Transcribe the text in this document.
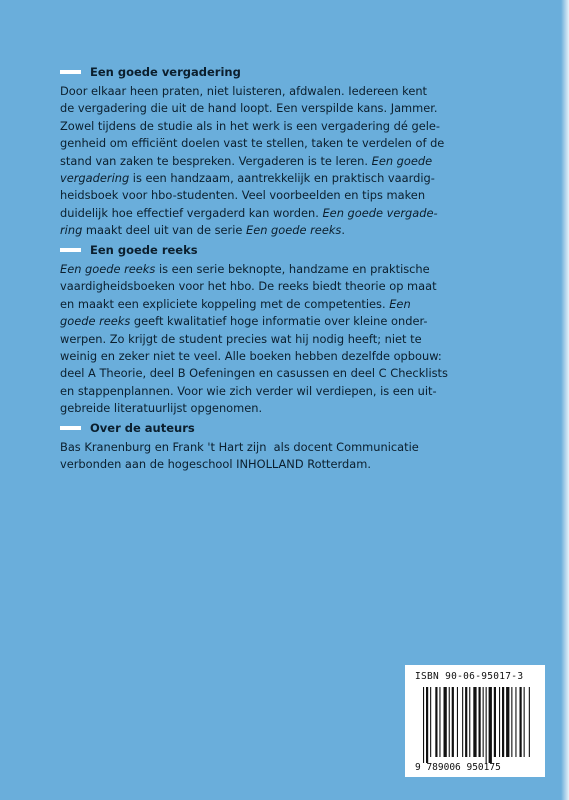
Een goede vergadering

Door elkaar heen praten, niet luisteren, afdwalen. Iedereen kent
de vergadering die uit de hand loopt. Een verspilde kans. Jammer.
Zowel tijdens de studie als in het werk is een vergadering dé gele-
genheid om efficiënt doelen vast te stellen, taken te verdelen of de
stand van zaken te bespreken. Vergaderen is te leren. Een goede
vergadering is een handzaam, aantrekkelijk en praktisch vaardig-
heidsboek voor hbo-studenten. Veel voorbeelden en tips maken
duidelijk hoe effectief vergaderd kan worden. Een goede vergade-
ring maakt deel uit van de serie Een goede reeks.

Een goede reeks

Een goede reeks is een serie beknopte, handzame en praktische
vaardigheidsboeken voor het hbo. De reeks biedt theorie op maat
en maakt een expliciete koppeling met de competenties. Een
goede reeks geeft kwalitatief hoge informatie over kleine onder-
werpen. Zo krijgt de student precies wat hij nodig heeft; niet te
weinig en zeker niet te veel. Alle boeken hebben dezelfde opbouw:
deel A Theorie, deel B Oefeningen en casussen en deel C Checklists
en stappenplannen. Voor wie zich verder wil verdiepen, is een uit-
gebreide literatuurlijst opgenomen.

Over de auteurs

Bas Kranenburg en Frank 't Hart zijn  als docent Communicatie
verbonden aan de hogeschool INHOLLAND Rotterdam.

ISBN 90-06-95017-3
9 789006 950175
